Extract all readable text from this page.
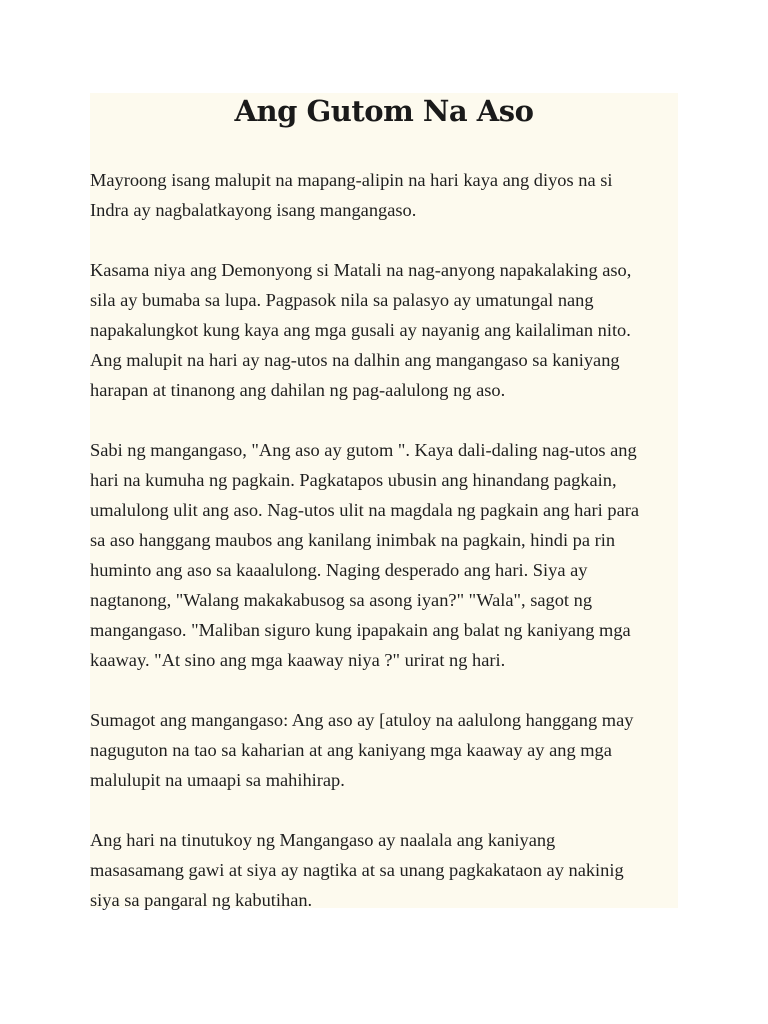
Ang Gutom Na Aso
Mayroong isang malupit na mapang-alipin na hari kaya ang diyos na si
Indra ay nagbalatkayong isang mangangaso.
Kasama niya ang Demonyong si Matali na nag-anyong napakalaking aso,
sila ay bumaba sa lupa. Pagpasok nila sa palasyo ay umatungal nang
napakalungkot kung kaya ang mga gusali ay nayanig ang kailaliman nito.
Ang malupit na hari ay nag-utos na dalhin ang mangangaso sa kaniyang
harapan at tinanong ang dahilan ng pag-aalulong ng aso.
Sabi ng mangangaso, "Ang aso ay gutom ". Kaya dali-daling nag-utos ang
hari na kumuha ng pagkain. Pagkatapos ubusin ang hinandang pagkain,
umalulong ulit ang aso. Nag-utos ulit na magdala ng pagkain ang hari para
sa aso hanggang maubos ang kanilang inimbak na pagkain, hindi pa rin
huminto ang aso sa kaaalulong. Naging desperado ang hari. Siya ay
nagtanong, "Walang makakabusog sa asong iyan?" "Wala", sagot ng
mangangaso. "Maliban siguro kung ipapakain ang balat ng kaniyang mga
kaaway. "At sino ang mga kaaway niya ?" urirat ng hari.
Sumagot ang mangangaso: Ang aso ay [atuloy na aalulong hanggang may
naguguton na tao sa kaharian at ang kaniyang mga kaaway ay ang mga
malulupit na umaapi sa mahihirap.
Ang hari na tinutukoy ng Mangangaso ay naalala ang kaniyang
masasamang gawi at siya ay nagtika at sa unang pagkakataon ay nakinig
siya sa pangaral ng kabutihan.
